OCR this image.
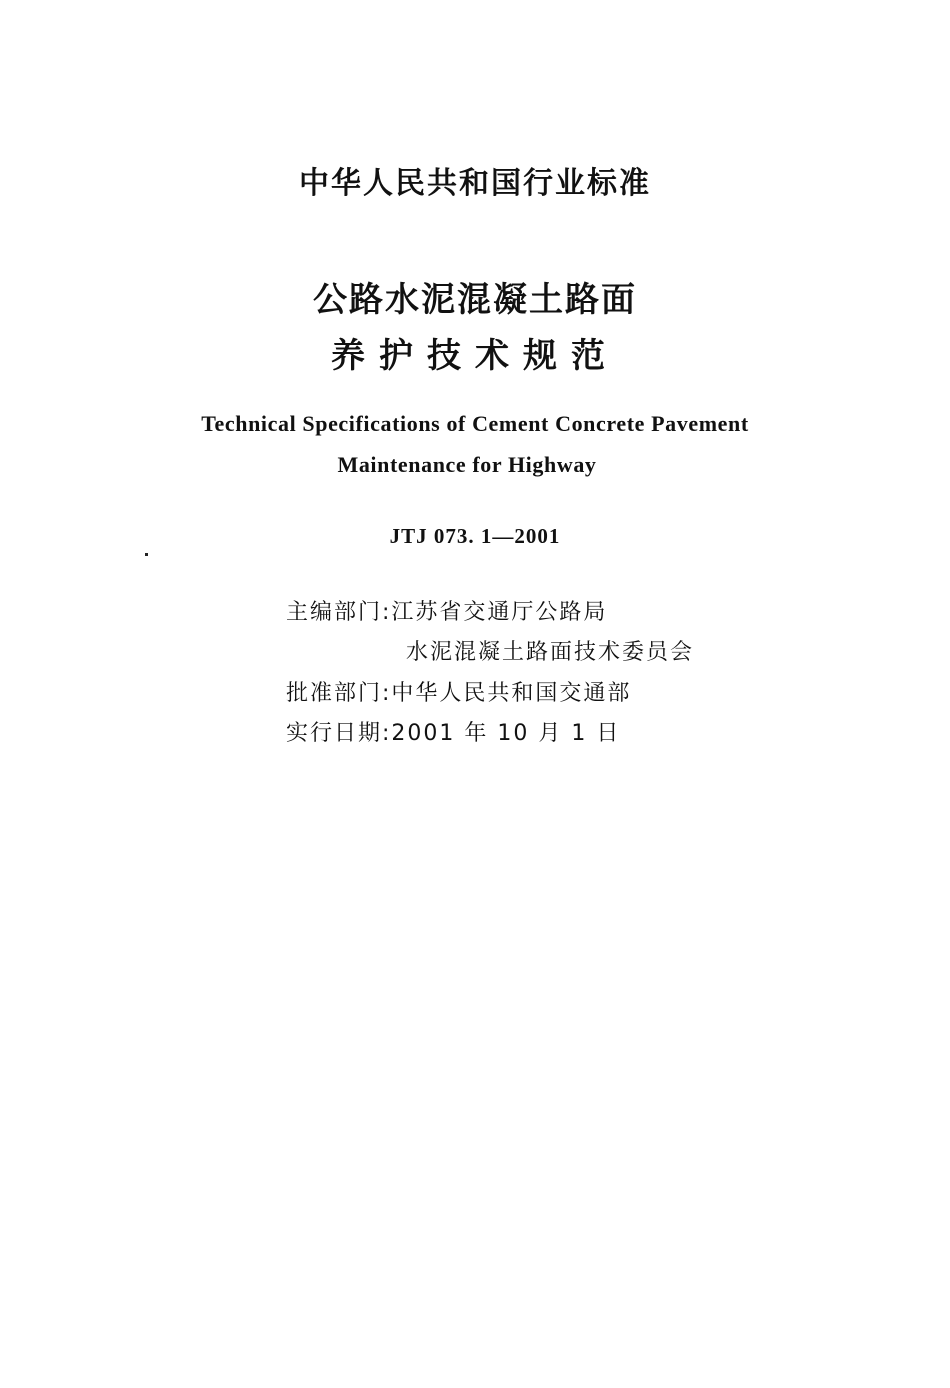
中华人民共和国行业标准
公路水泥混凝土路面
养护技术规范
Technical Specifications of Cement Concrete Pavement
Maintenance for Highway
JTJ 073. 1—2001
主编部门:江苏省交通厅公路局
水泥混凝土路面技术委员会
批准部门:中华人民共和国交通部
实行日期:2001 年 10 月 1 日
